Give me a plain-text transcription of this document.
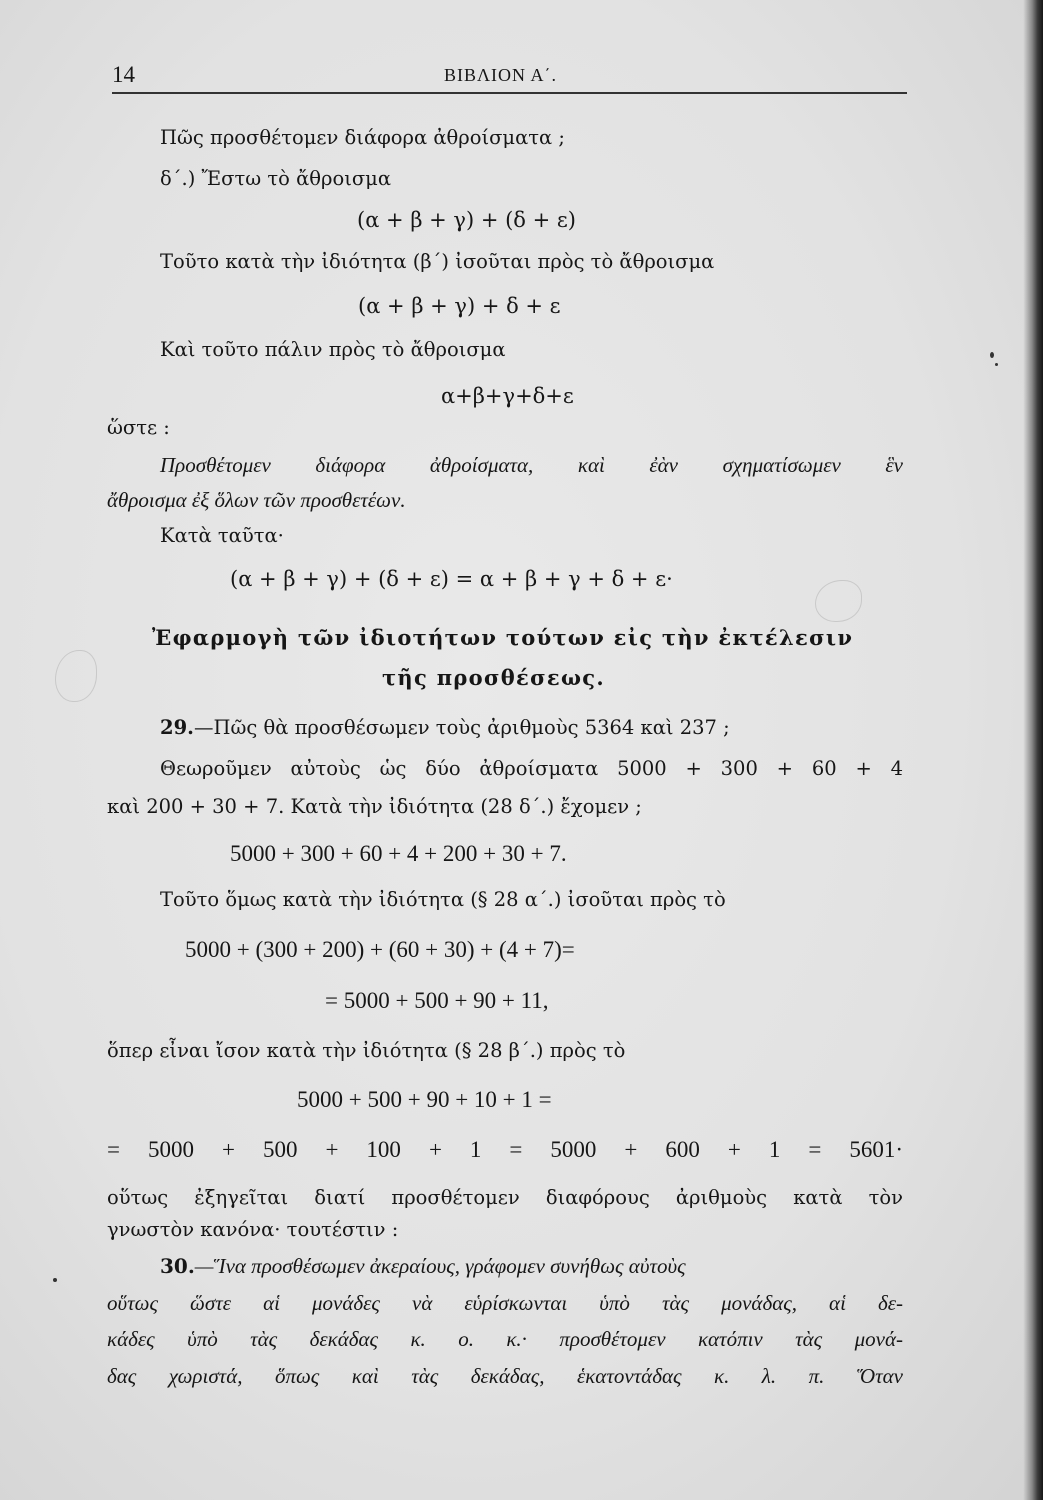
14	ΒΙΒΛΙΟΝ Α΄.
Πῶς προσθέτομεν διάφορα ἀθροίσματα ;
δ΄.) Ἔστω τὸ ἄθροισμα
(α + β + γ) + (δ + ε)
Τοῦτο κατὰ τὴν ἰδιότητα (β΄) ἰσοῦται πρὸς τὸ ἄθροισμα
(α + β + γ) + δ + ε
Καὶ τοῦτο πάλιν πρὸς τὸ ἄθροισμα
α+β+γ+δ+ε
ὥστε :
Προσθέτομεν διάφορα ἀθροίσματα, καὶ ἐὰν σχηματίσωμεν ἓν
ἄθροισμα ἐξ ὅλων τῶν προσθετέων.
Κατὰ ταῦτα·
(α + β + γ) + (δ + ε) = α + β + γ + δ + ε·
Ἐφαρμογὴ τῶν ἰδιοτήτων τούτων εἰς τὴν ἐκτέλεσιν
τῆς προσθέσεως.
29.—Πῶς θὰ προσθέσωμεν τοὺς ἀριθμοὺς 5364 καὶ 237 ;
Θεωροῦμεν αὐτοὺς ὡς δύο ἀθροίσματα 5000 + 300 + 60 + 4
καὶ 200 + 30 + 7. Κατὰ τὴν ἰδιότητα (28 δ΄.) ἔχομεν ;
5000 + 300 + 60 + 4 + 200 + 30 + 7.
Τοῦτο ὅμως κατὰ τὴν ἰδιότητα (§ 28 α΄.) ἰσοῦται πρὸς τὸ
5000 + (300 + 200) + (60 + 30) + (4 + 7)=
= 5000 + 500 + 90 + 11,
ὅπερ εἶναι ἴσον κατὰ τὴν ἰδιότητα (§ 28 β΄.) πρὸς τὸ
5000 + 500 + 90 + 10 + 1 =
= 5000 + 500 + 100 + 1 = 5000 + 600 + 1 = 5601·
οὕτως ἐξηγεῖται διατί προσθέτομεν διαφόρους ἀριθμοὺς κατὰ τὸν
γνωστὸν κανόνα· τουτέστιν :
30.—Ἵνα προσθέσωμεν ἀκεραίους, γράφομεν συνήθως αὐτοὺς
οὕτως ὥστε αἱ μονάδες νὰ εὑρίσκωνται ὑπὸ τὰς μονάδας, αἱ δε-
κάδες ὑπὸ τὰς δεκάδας κ. ο. κ.· προσθέτομεν κατόπιν τὰς μονά-
δας χωριστά, ὅπως καὶ τὰς δεκάδας, ἑκατοντάδας κ. λ. π. Ὅταν
